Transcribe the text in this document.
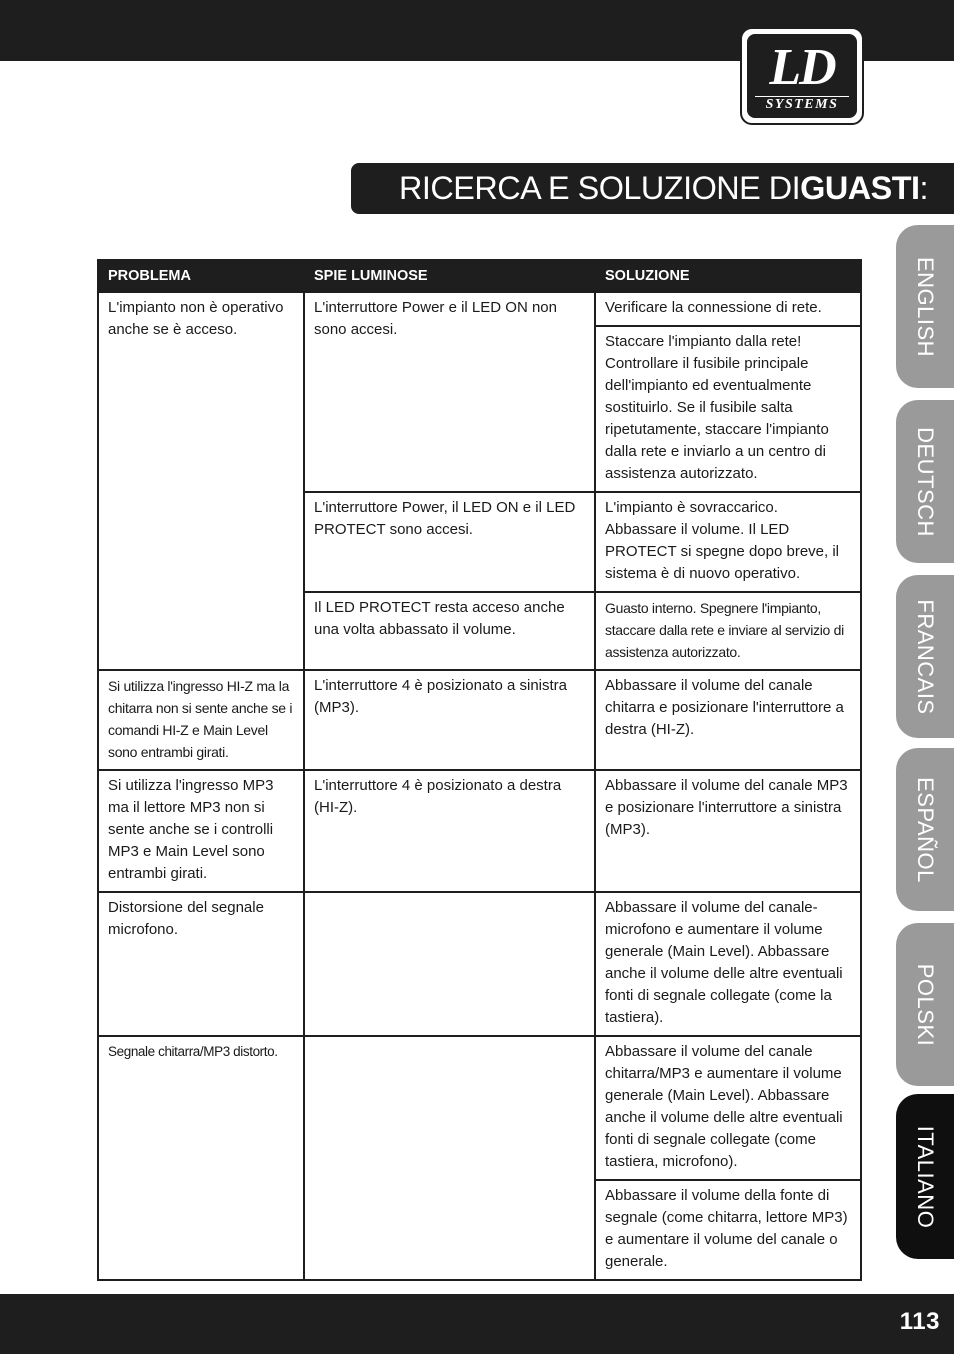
LD
SYSTEMS
RICERCA E SOLUZIONE DIGUASTI:
ENGLISH
DEUTSCH
FRANCAIS
ESPAÑOL
POLSKI
ITALIANO
PROBLEMA	SPIE LUMINOSE	SOLUZIONE
L'impianto non è operativo anche se è acceso.	L'interruttore Power e il LED ON non sono accesi.	Verificare la connessione di rete.
		Staccare l'impianto dalla rete! Controllare il fusibile principale dell'impianto ed eventualmente sostituirlo. Se il fusibile salta ripetutamente, staccare l'impianto dalla rete e inviarlo a un centro di assistenza autorizzato.
	L'interruttore Power, il LED ON e il LED PROTECT sono accesi.	L'impianto è sovraccarico. Abbassare il volume. Il LED PROTECT si spegne dopo breve, il sistema è di nuovo operativo.
	Il LED PROTECT resta acceso anche una volta abbassato il volume.	Guasto interno. Spegnere l'impianto, staccare dalla rete e inviare al servizio di assistenza autorizzato.
Si utilizza l'ingresso HI-Z ma la chitarra non si sente anche se i comandi HI-Z e Main Level sono entrambi girati.	L'interruttore 4 è posizionato a sinistra (MP3).	Abbassare il volume del canale chitarra e posizionare l'interruttore a destra (HI-Z).
Si utilizza l'ingresso MP3 ma il lettore MP3 non si sente anche se i controlli MP3 e Main Level sono entrambi girati.	L'interruttore 4 è posizionato a destra (HI-Z).	Abbassare il volume del canale MP3 e posizionare l'interruttore a sinistra (MP3).
Distorsione del segnale microfono.		Abbassare il volume del canale-microfono e aumentare il volume generale (Main Level). Abbassare anche il volume delle altre eventuali fonti di segnale collegate (come la tastiera).
Segnale chitarra/MP3 distorto.		Abbassare il volume del canale chitarra/MP3 e aumentare il volume generale (Main Level). Abbassare anche il volume delle altre eventuali fonti di segnale collegate (come tastiera, microfono).
		Abbassare il volume della fonte di segnale (come chitarra, lettore MP3) e aumentare il volume del canale o generale.
113
